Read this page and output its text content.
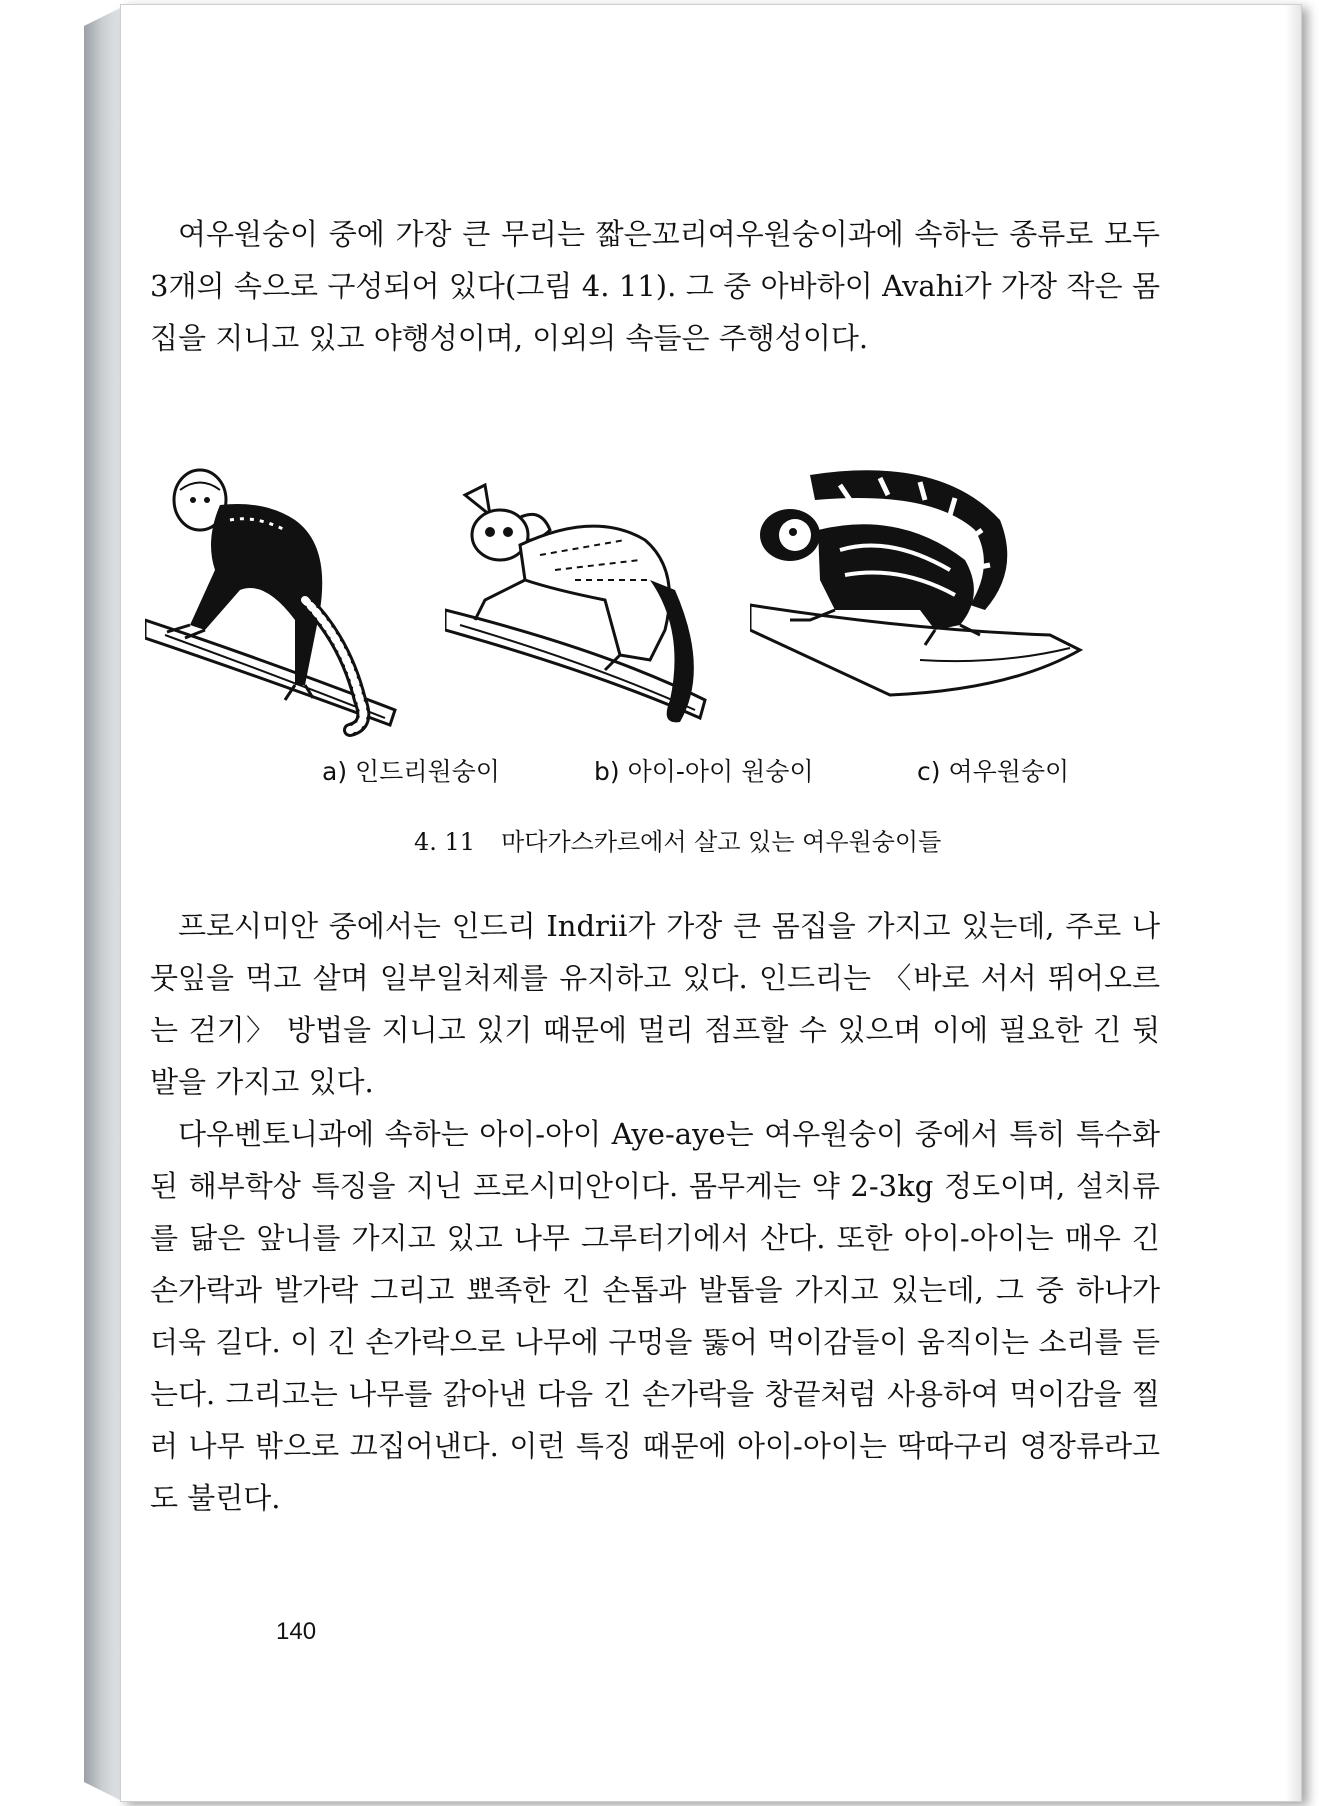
여우원숭이 중에 가장 큰 무리는 짧은꼬리여우원숭이과에 속하는 종류로 모두 3개의 속으로 구성되어 있다(그림 4. 11). 그 중 아바하이 Avahi가 가장 작은 몸집을 지니고 있고 야행성이며, 이외의 속들은 주행성이다.

a) 인드리원숭이	b) 아이-아이 원숭이	c) 여우원숭이
4. 11 마다가스카르에서 살고 있는 여우원숭이들

프로시미안 중에서는 인드리 Indrii가 가장 큰 몸집을 가지고 있는데, 주로 나뭇잎을 먹고 살며 일부일처제를 유지하고 있다. 인드리는 〈바로 서서 뛰어오르는 걷기〉 방법을 지니고 있기 때문에 멀리 점프할 수 있으며 이에 필요한 긴 뒷발을 가지고 있다.

다우벤토니과에 속하는 아이-아이 Aye-aye는 여우원숭이 중에서 특히 특수화된 해부학상 특징을 지닌 프로시미안이다. 몸무게는 약 2-3kg 정도이며, 설치류를 닮은 앞니를 가지고 있고 나무 그루터기에서 산다. 또한 아이-아이는 매우 긴 손가락과 발가락 그리고 뾰족한 긴 손톱과 발톱을 가지고 있는데, 그 중 하나가 더욱 길다. 이 긴 손가락으로 나무에 구멍을 뚫어 먹이감들이 움직이는 소리를 듣는다. 그리고는 나무를 갉아낸 다음 긴 손가락을 창끝처럼 사용하여 먹이감을 찔러 나무 밖으로 끄집어낸다. 이런 특징 때문에 아이-아이는 딱따구리 영장류라고도 불린다.

140
